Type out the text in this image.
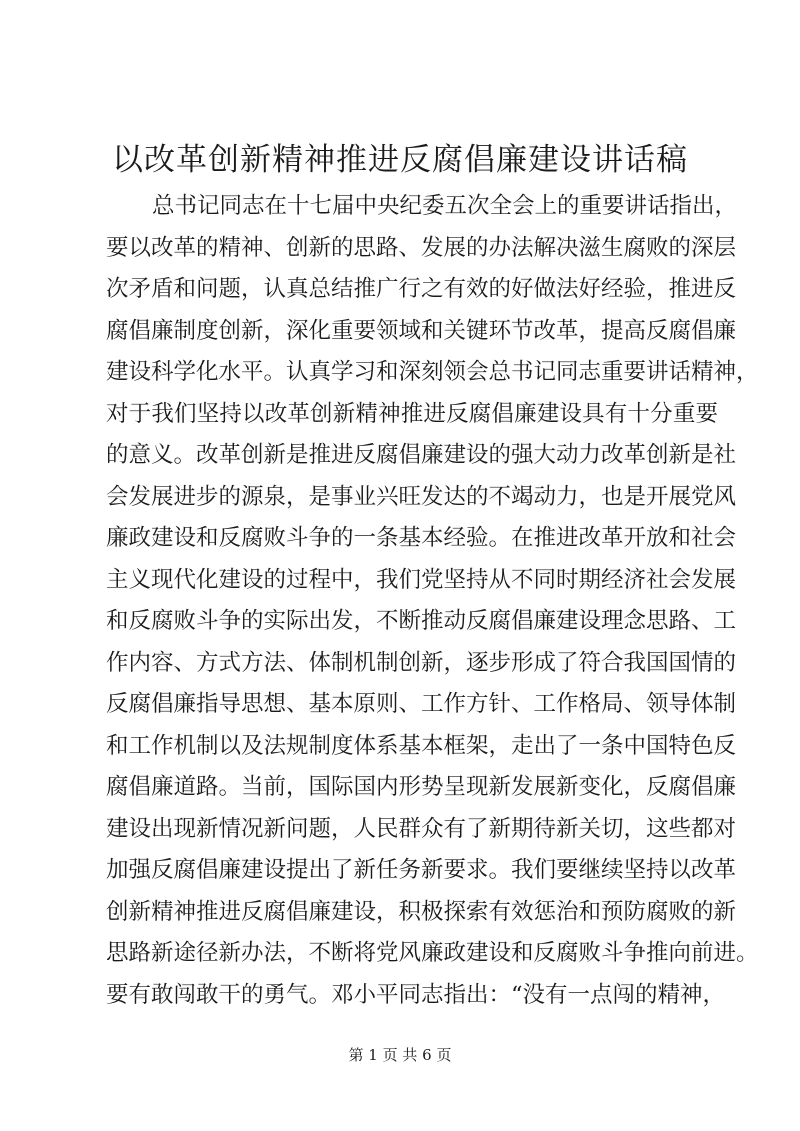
以改革创新精神推进反腐倡廉建设讲话稿
总书记同志在十七届中央纪委五次全会上的重要讲话指出，
要以改革的精神、创新的思路、发展的办法解决滋生腐败的深层
次矛盾和问题，认真总结推广行之有效的好做法好经验，推进反
腐倡廉制度创新，深化重要领域和关键环节改革，提高反腐倡廉
建设科学化水平。认真学习和深刻领会总书记同志重要讲话精神，
对于我们坚持以改革创新精神推进反腐倡廉建设具有十分重要
的意义。改革创新是推进反腐倡廉建设的强大动力改革创新是社
会发展进步的源泉，是事业兴旺发达的不竭动力，也是开展党风
廉政建设和反腐败斗争的一条基本经验。在推进改革开放和社会
主义现代化建设的过程中，我们党坚持从不同时期经济社会发展
和反腐败斗争的实际出发，不断推动反腐倡廉建设理念思路、工
作内容、方式方法、体制机制创新，逐步形成了符合我国国情的
反腐倡廉指导思想、基本原则、工作方针、工作格局、领导体制
和工作机制以及法规制度体系基本框架，走出了一条中国特色反
腐倡廉道路。当前，国际国内形势呈现新发展新变化，反腐倡廉
建设出现新情况新问题，人民群众有了新期待新关切，这些都对
加强反腐倡廉建设提出了新任务新要求。我们要继续坚持以改革
创新精神推进反腐倡廉建设，积极探索有效惩治和预防腐败的新
思路新途径新办法，不断将党风廉政建设和反腐败斗争推向前进。
要有敢闯敢干的勇气。邓小平同志指出：“没有一点闯的精神，
第 1 页 共 6 页
